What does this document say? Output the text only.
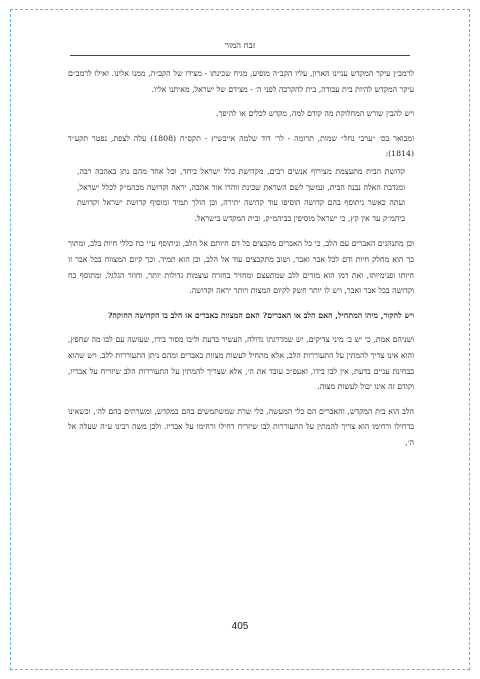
זבח המור

לרמב״ן עיקר המקדש עניינו הארון, עליו הקב״ה מופיע, מגיח שכינתו - מצידו של הקב״ה, ממנו אלינו. ואילו לרמב״ם עיקר המקדש להיות בית עבודה, בית להקרבה לפני ה׳ - מצידם של ישראל, מאיתנו אליו.

ויש להבין שורש המחלוקת מה קודם למה, מקדש לכלים או להיפך.

ומבואר בס׳ ״ערבי נחל״ שמות, תרומה - לר׳ דוד שלמה אייבשיץ - תקס״ח (1808) עלה לצפת, נפטר תקע״ד (1814):

קדושת הבית מתעצמת מצירוף אנשים רבים, מקדושת כלל ישראל ביחד, וכל אחד מהם נתן באהבה רבה, ומגדבת האלה נבנה הבית, ונמשך לשם השראת שכינת זוהרו אור אהבה, יראה וקדושה מכהמ״ק לכלל ישראל, ועתה כאשר ניתוסף בהם קדושה הוסיפו עוד קדושה יתירה, וכן הולך תמיד ומוסיף קדושת ישראל וקדושת ביהמ״ק עד אין קץ, כי ישראל מוסיפין בביהמ״ק, ובית המקדש בישראל.

וכן מתנהגים האברים עם הלב, כי כל האברים מקבצים כל דם חיותם אל הלב, וניתוסף ע״י כח כללי חיות בלב, ומתוך כך הוא מחלק חיות ודם לכל אבר ואבר, ושוב מתקבצים עוד אל הלב, וכן הוא תמיד. וכך קיום המצווה בכל אבר זו חיותו ופנימיותו, ואת דמו הוא מזרים ללב שמתעצם ומחזיר בחזרה עוצמות גדולות יותר, וחוזר הגלגל, ומתוסף כח וקדושה בכל אבר ואבר, ויש לו יותר חשק לקיום המצות ויותר יראה וקדושה.

ויש לחקור, מיהו המתחיל, האם הלב או האברים? האם המצוות באברים או הלב בו הקדושה החזקה?

ושניהם אמת, כי יש ב׳ מיני צדיקים, יש שמדרגתו גדולה, העשיר בדעת וליבו מסור בידו, שעושה עם לבו מה שחפץ, והוא אינו צריך להמתין על התעוררות הלב, אלא מתחיל לעשות מצוות באברים ומהם ניתן התעוררות ללב. ויש שהוא בבחינת עניים בדעת, אין לבו בידו, ואעפ״כ עובד את ה׳, אלא שצריך להמתין על התעוררות הלב שיזריח על אבריו, וקודם זה אינו יכול לעשות מצוה.

הלב הוא בית המקדש, והאברים הם כלי המעשה, כלי שרת שמשתמשים בהם במקדש, ומשרתים בהם לה׳, וכשאינו בדחילו ורחימו הוא צריך להמתין על התעוררות לבו שיזריח דחילו ורחימו על אבריו. ולכן משה רבינו ע״ה שעלה אל ה׳,

405
